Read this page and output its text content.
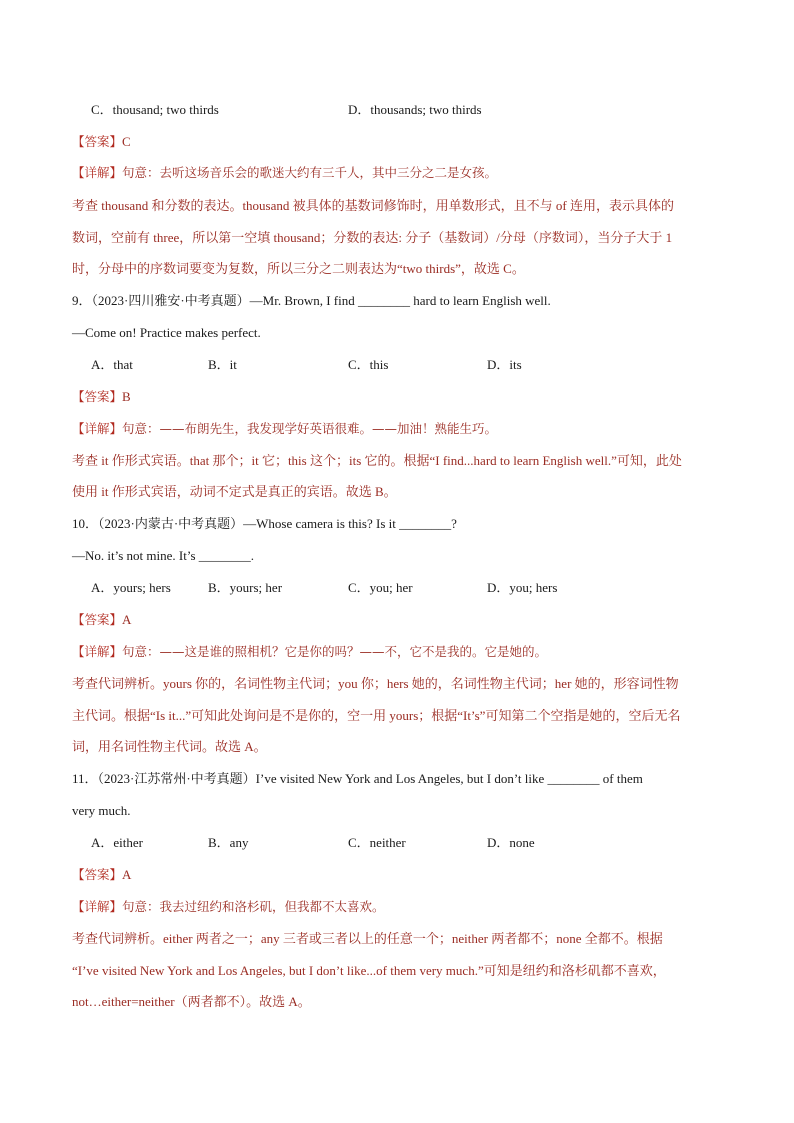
C．thousand; two thirds	D．thousands; two thirds
【答案】C
【详解】句意：去听这场音乐会的歌迷大约有三千人，其中三分之二是女孩。
考查 thousand 和分数的表达。thousand 被具体的基数词修饰时，用单数形式，且不与 of 连用，表示具体的
数词，空前有 three，所以第一空填 thousand；分数的表达: 分子（基数词）/分母（序数词），当分子大于 1
时，分母中的序数词要变为复数，所以三分之二则表达为“two thirds”，故选 C。
9．（2023·四川雅安·中考真题）—Mr. Brown, I find ________ hard to learn English well.
—Come on! Practice makes perfect.
A．that	B．it	C．this	D．its
【答案】B
【详解】句意：——布朗先生，我发现学好英语很难。——加油！熟能生巧。
考查 it 作形式宾语。that 那个；it 它；this 这个；its 它的。根据“I find...hard to learn English well.”可知，此处
使用 it 作形式宾语，动词不定式是真正的宾语。故选 B。
10．（2023·内蒙古·中考真题）—Whose camera is this? Is it ________?
—No. it’s not mine. It’s ________.
A．yours; hers	B．yours; her	C．you; her	D．you; hers
【答案】A
【详解】句意：——这是谁的照相机？它是你的吗？——不，它不是我的。它是她的。
考查代词辨析。yours 你的，名词性物主代词；you 你；hers 她的，名词性物主代词；her 她的，形容词性物
主代词。根据“Is it...”可知此处询问是不是你的，空一用 yours；根据“It’s”可知第二个空指是她的，空后无名
词，用名词性物主代词。故选 A。
11．（2023·江苏常州·中考真题）I’ve visited New York and Los Angeles, but I don’t like ________ of them
very much.
A．either	B．any	C．neither	D．none
【答案】A
【详解】句意：我去过纽约和洛杉矶，但我都不太喜欢。
考查代词辨析。either 两者之一；any 三者或三者以上的任意一个；neither 两者都不；none 全都不。根据
“I’ve visited New York and Los Angeles, but I don’t like...of them very much.”可知是纽约和洛杉矶都不喜欢，
not…either=neither（两者都不）。故选 A。
